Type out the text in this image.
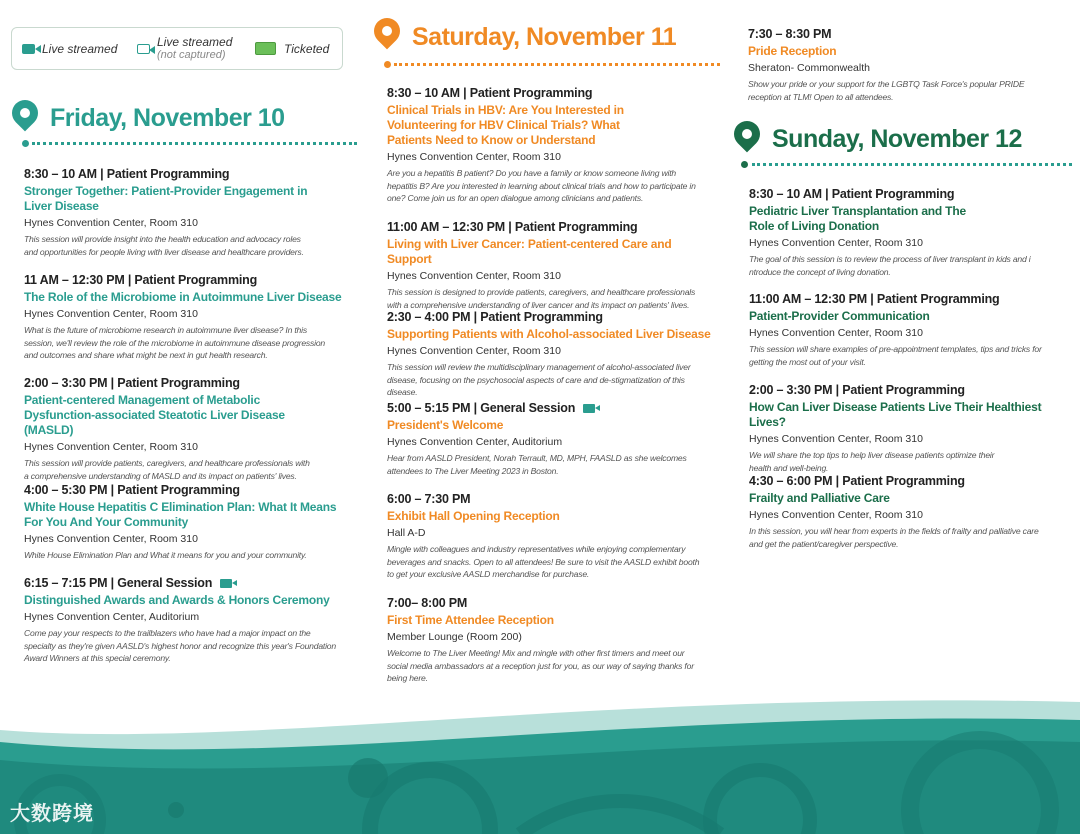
Live streamed	Live streamed
(not captured)	Ticketed
Friday, November 10
8:30 – 10 AM | Patient Programming
Stronger Together: Patient-Provider Engagement in Liver Disease
Hynes Convention Center, Room 310
This session will provide insight into the health education and advocacy roles and opportunities for people living with liver disease and healthcare providers.
11 AM – 12:30 PM | Patient Programming
The Role of the Microbiome in Autoimmune Liver Disease
Hynes Convention Center, Room 310
What is the future of microbiome research in autoimmune liver disease? In this session, we'll review the role of the microbiome in autoimmune disease progression and outcomes and share what might be next in gut health research.
2:00 – 3:30 PM | Patient Programming
Patient-centered Management of Metabolic Dysfunction-associated Steatotic Liver Disease (MASLD)
Hynes Convention Center, Room 310
This session will provide patients, caregivers, and healthcare professionals with a comprehensive understanding of MASLD and its impact on patients' lives.
4:00 – 5:30 PM | Patient Programming
White House Hepatitis C Elimination Plan: What It Means For You And Your Community
Hynes Convention Center, Room 310
White House Elimination Plan and What it means for you and your community.
6:15 – 7:15 PM | General Session
Distinguished Awards and Awards & Honors Ceremony
Hynes Convention Center, Auditorium
Come pay your respects to the trailblazers who have had a major impact on the specialty as they're given AASLD's highest honor and recognize this year's Foundation Award Winners at this special ceremony.
Saturday, November 11
8:30 – 10 AM | Patient Programming
Clinical Trials in HBV: Are You Interested in Volunteering for HBV Clinical Trials? What Patients Need to Know or Understand
Hynes Convention Center, Room 310
Are you a hepatitis B patient? Do you have a family or know someone living with hepatitis B? Are you interested in learning about clinical trials and how to participate in one? Come join us for an open dialogue among clinicians and patients.
11:00 AM – 12:30 PM | Patient Programming
Living with Liver Cancer: Patient-centered Care and Support
Hynes Convention Center, Room 310
This session is designed to provide patients, caregivers, and healthcare professionals with a comprehensive understanding of liver cancer and its impact on patients' lives.
2:30 – 4:00 PM | Patient Programming
Supporting Patients with Alcohol-associated Liver Disease
Hynes Convention Center, Room 310
This session will review the multidisciplinary management of alcohol-associated liver disease, focusing on the psychosocial aspects of care and de-stigmatization of this disease.
5:00 – 5:15 PM | General Session
President's Welcome
Hynes Convention Center, Auditorium
Hear from AASLD President, Norah Terrault, MD, MPH, FAASLD as she welcomes attendees to The Liver Meeting 2023 in Boston.
6:00 – 7:30 PM
Exhibit Hall Opening Reception
Hall A-D
Mingle with colleagues and industry representatives while enjoying complementary beverages and snacks. Open to all attendees! Be sure to visit the AASLD exhibit booth to get your exclusive AASLD merchandise for purchase.
7:00– 8:00 PM
First Time Attendee Reception
Member Lounge (Room 200)
Welcome to The Liver Meeting! Mix and mingle with other first timers and meet our social media ambassadors at a reception just for you, as our way of saying thanks for being here.
7:30 – 8:30 PM
Pride Reception
Sheraton- Commonwealth
Show your pride or your support for the LGBTQ Task Force's popular PRIDE reception at TLM! Open to all attendees.
Sunday, November 12
8:30 – 10 AM | Patient Programming
Pediatric Liver Transplantation and The Role of Living Donation
Hynes Convention Center, Room 310
The goal of this session is to review the process of liver transplant in kids and i ntroduce the concept of living donation.
11:00 AM – 12:30 PM | Patient Programming
Patient-Provider Communication
Hynes Convention Center, Room 310
This session will share examples of pre-appointment templates, tips and tricks for getting the most out of your visit.
2:00 – 3:30 PM | Patient Programming
How Can Liver Disease Patients Live Their Healthiest Lives?
Hynes Convention Center, Room 310
We will share the top tips to help liver disease patients optimize their health and well-being.
4:30 – 6:00 PM | Patient Programming
Frailty and Palliative Care
Hynes Convention Center, Room 310
In this session, you will hear from experts in the fields of frailty and palliative care and get the patient/caregiver perspective.
大数跨境
